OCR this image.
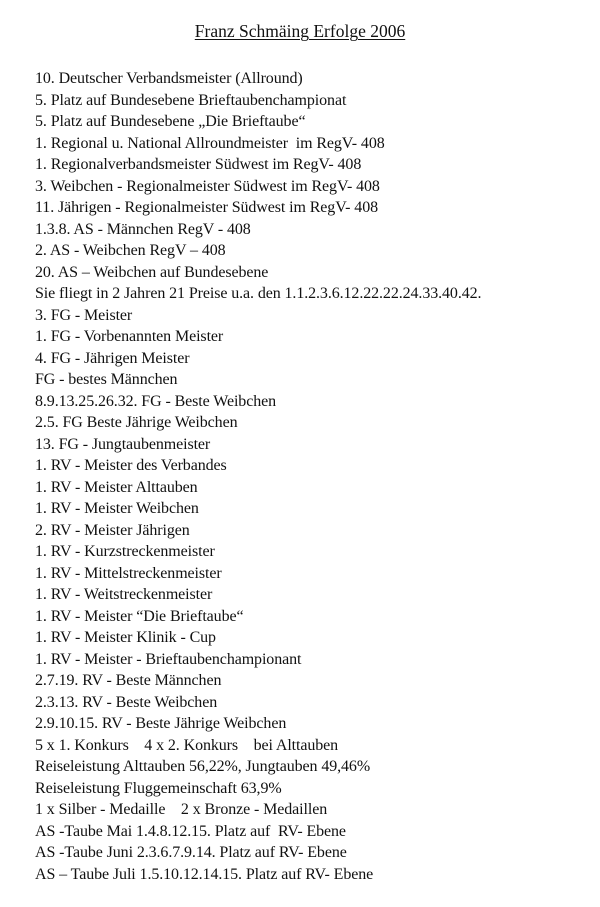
Franz Schmäing Erfolge 2006
10. Deutscher Verbandsmeister (Allround)
5. Platz auf Bundesebene Brieftaubenchampionat
5. Platz auf Bundesebene „Die Brieftaube“
1. Regional u. National Allroundmeister  im RegV- 408
1. Regionalverbandsmeister Südwest im RegV- 408
3. Weibchen - Regionalmeister Südwest im RegV- 408
11. Jährigen - Regionalmeister Südwest im RegV- 408
1.3.8. AS - Männchen RegV - 408
2. AS - Weibchen RegV – 408
20. AS – Weibchen auf Bundesebene
Sie fliegt in 2 Jahren 21 Preise u.a. den 1.1.2.3.6.12.22.22.24.33.40.42.
3. FG - Meister
1. FG - Vorbenannten Meister
4. FG - Jährigen Meister
FG - bestes Männchen
8.9.13.25.26.32. FG - Beste Weibchen
2.5. FG Beste Jährige Weibchen
13. FG - Jungtaubenmeister
1. RV - Meister des Verbandes
1. RV - Meister Alttauben
1. RV - Meister Weibchen
2. RV - Meister Jährigen
1. RV - Kurzstreckenmeister
1. RV - Mittelstreckenmeister
1. RV - Weitstreckenmeister
1. RV - Meister “Die Brieftaube“
1. RV - Meister Klinik - Cup
1. RV - Meister - Brieftaubenchampionant
2.7.19. RV - Beste Männchen
2.3.13. RV - Beste Weibchen
2.9.10.15. RV - Beste Jährige Weibchen
5 x 1. Konkurs    4 x 2. Konkurs    bei Alttauben
Reiseleistung Alttauben 56,22%, Jungtauben 49,46%
Reiseleistung Fluggemeinschaft 63,9%
1 x Silber - Medaille    2 x Bronze - Medaillen
AS -Taube Mai 1.4.8.12.15. Platz auf  RV- Ebene
AS -Taube Juni 2.3.6.7.9.14. Platz auf RV- Ebene
AS – Taube Juli 1.5.10.12.14.15. Platz auf RV- Ebene
